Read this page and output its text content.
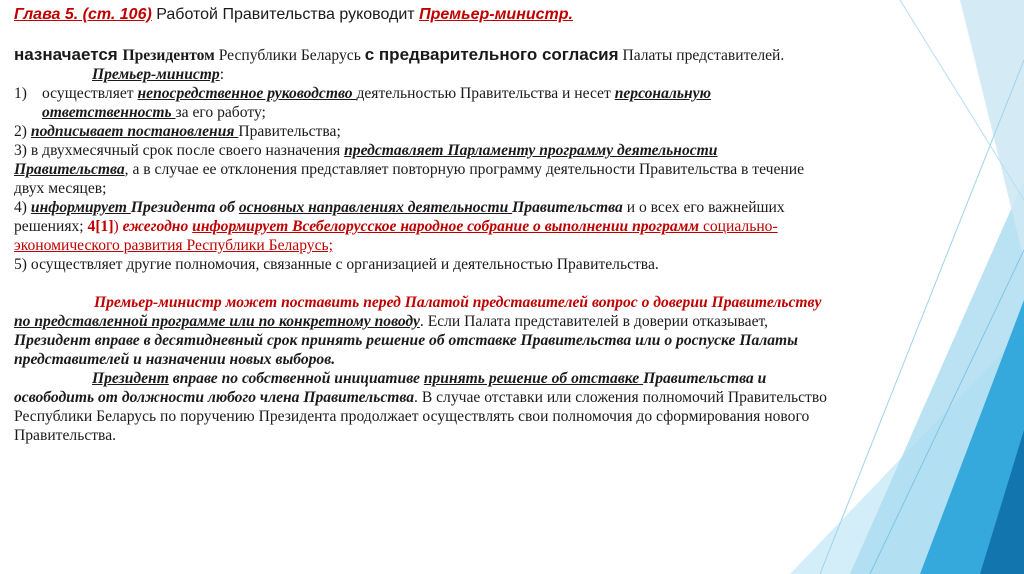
Глава 5. (ст. 106) Работой Правительства руководит Премьер-министр.

назначается Президентом Республики Беларусь с предварительного согласия Палаты представителей.

Премьер-министр:

1) осуществляет непосредственное руководство деятельностью Правительства и несет персональную
ответственность за его работу;

2) подписывает постановления Правительства;

3) в двухмесячный срок после своего назначения представляет Парламенту программу деятельности
Правительства, а в случае ее отклонения представляет повторную программу деятельности Правительства в течение
двух месяцев;

4) информирует Президента об основных направлениях деятельности Правительства и о всех его важнейших
решениях; 4[1]) ежегодно информирует Всебелорусское народное собрание о выполнении программ социально-
экономического развития Республики Беларусь;

5) осуществляет другие полномочия, связанные с организацией и деятельностью Правительства.

Премьер-министр может поставить перед Палатой представителей вопрос о доверии Правительству
по представленной программе или по конкретному поводу. Если Палата представителей в доверии отказывает,
Президент вправе в десятидневный срок принять решение об отставке Правительства или о роспуске Палаты
представителей и назначении новых выборов.

Президент вправе по собственной инициативе принять решение об отставке Правительства и
освободить от должности любого члена Правительства. В случае отставки или сложения полномочий Правительство
Республики Беларусь по поручению Президента продолжает осуществлять свои полномочия до сформирования нового
Правительства.
